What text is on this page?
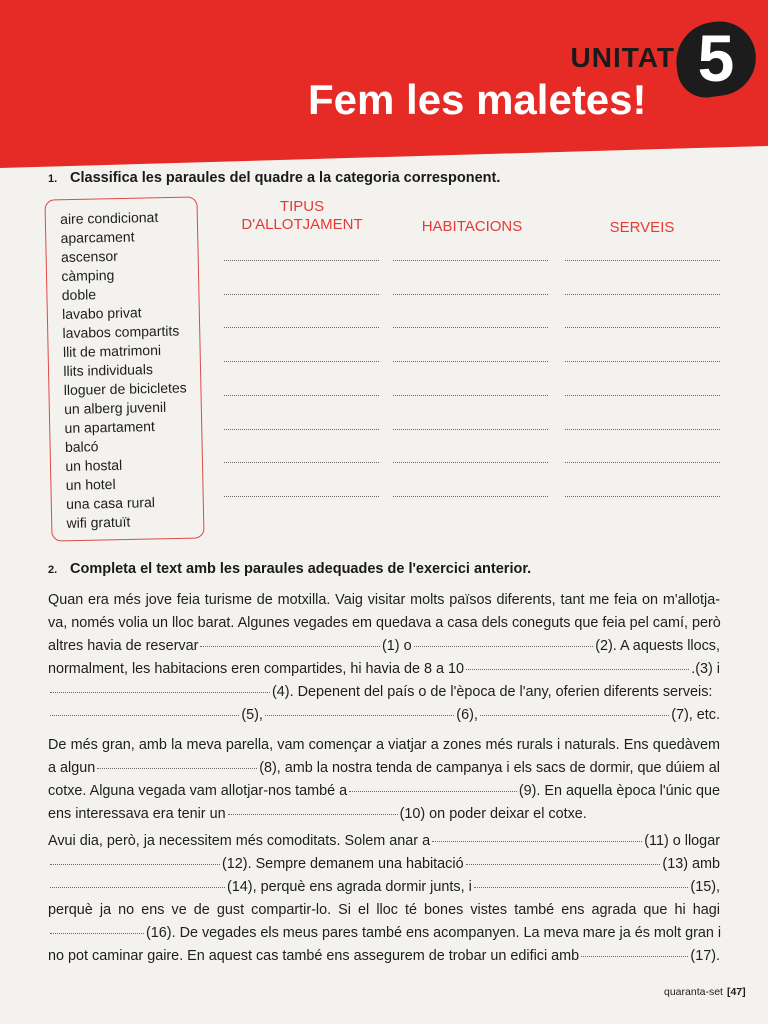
UNITAT 5
Fem les maletes!
1. Classifica les paraules del quadre a la categoria corresponent.
aire condicionat
aparcament
ascensor
càmping
doble
lavabo privat
lavabos compartits
llit de matrimoni
llits individuals
lloguer de bicicletes
un alberg juvenil
un apartament
balcó
un hostal
un hotel
una casa rural
wifi gratuït
TIPUS
D'ALLOTJAMENT	HABITACIONS	SERVEIS
2. Completa el text amb les paraules adequades de l'exercici anterior.
Quan era més jove feia turisme de motxilla. Vaig visitar molts països diferents, tant me feia on m'allotja-
va, només volia un lloc barat. Algunes vegades em quedava a casa dels coneguts que feia pel camí, però
altres havia de reservar	(1) o	(2). A aquests llocs,
normalment, les habitacions eren compartides, hi havia de 8 a 10	.(3) i
(4). Depenent del país o de l'època de l'any, oferien diferents serveis:
(5),	(6),	(7), etc.
De més gran, amb la meva parella, vam començar a viatjar a zones més rurals i naturals. Ens quedàvem
a algun	(8), amb la nostra tenda de campanya i els sacs de dormir, que dúiem al
cotxe. Alguna vegada vam allotjar-nos també a	(9). En aquella època l'únic que
ens interessava era tenir un	(10) on poder deixar el cotxe.
Avui dia, però, ja necessitem més comoditats. Solem anar a	(11) o llogar
(12). Sempre demanem una habitació	(13) amb
(14), perquè ens agrada dormir junts, i	(15),
perquè ja no ens ve de gust compartir-lo. Si el lloc té bones vistes també ens agrada que hi hagi
(16). De vegades els meus pares també ens acompanyen. La meva mare ja és molt gran i
no pot caminar gaire. En aquest cas també ens assegurem de trobar un edifici amb	(17).
quaranta-set [47]
